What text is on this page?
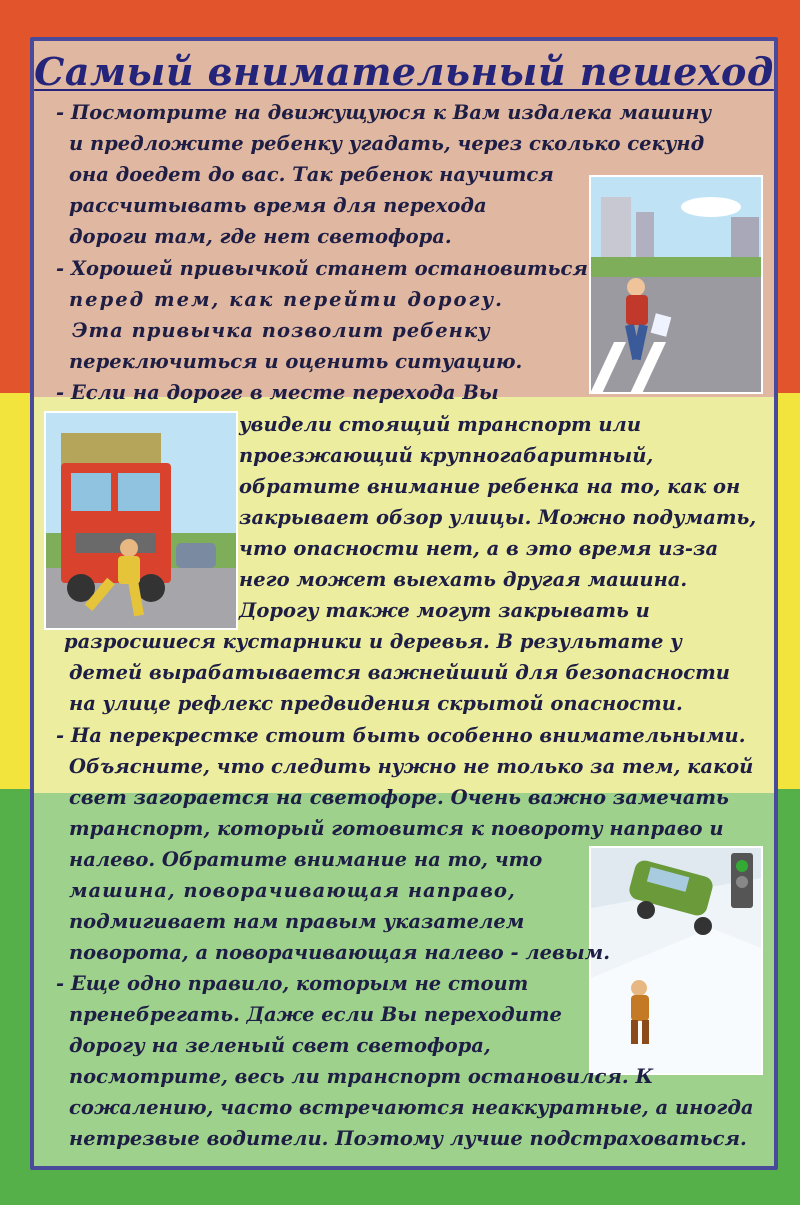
Самый внимательный пешеход
- Посмотрите на движущуюся к Вам издалека машину
и предложите ребенку угадать, через сколько секунд
она доедет до вас. Так ребенок научится
рассчитывать время для перехода
дороги там, где нет светофора.
- Хорошей привычкой станет остановиться
перед тем, как перейти дорогу.
Эта привычка позволит ребенку
переключиться и оценить ситуацию.
- Если на дороге в месте перехода Вы
увидели стоящий транспорт или
проезжающий крупногабаритный,
обратите внимание ребенка на то, как он
закрывает обзор улицы. Можно подумать,
что опасности нет, а в это время из-за
него может выехать другая машина.
Дорогу также могут закрывать и
разросшиеся кустарники и деревья. В результате у
детей вырабатывается важнейший для безопасности
на улице рефлекс предвидения скрытой опасности.
- На перекрестке стоит быть особенно внимательными.
Объясните, что следить нужно не только за тем, какой
свет загорается на светофоре. Очень важно замечать
транспорт, который готовится к повороту направо и
налево. Обратите внимание на то, что
машина, поворачивающая направо,
подмигивает нам правым указателем
поворота, а поворачивающая налево - левым.
- Еще одно правило, которым не стоит
пренебрегать. Даже если Вы переходите
дорогу на зеленый свет светофора,
посмотрите, весь ли транспорт остановился. К
сожалению, часто встречаются неаккуратные, а иногда
нетрезвые водители. Поэтому лучше подстраховаться.
